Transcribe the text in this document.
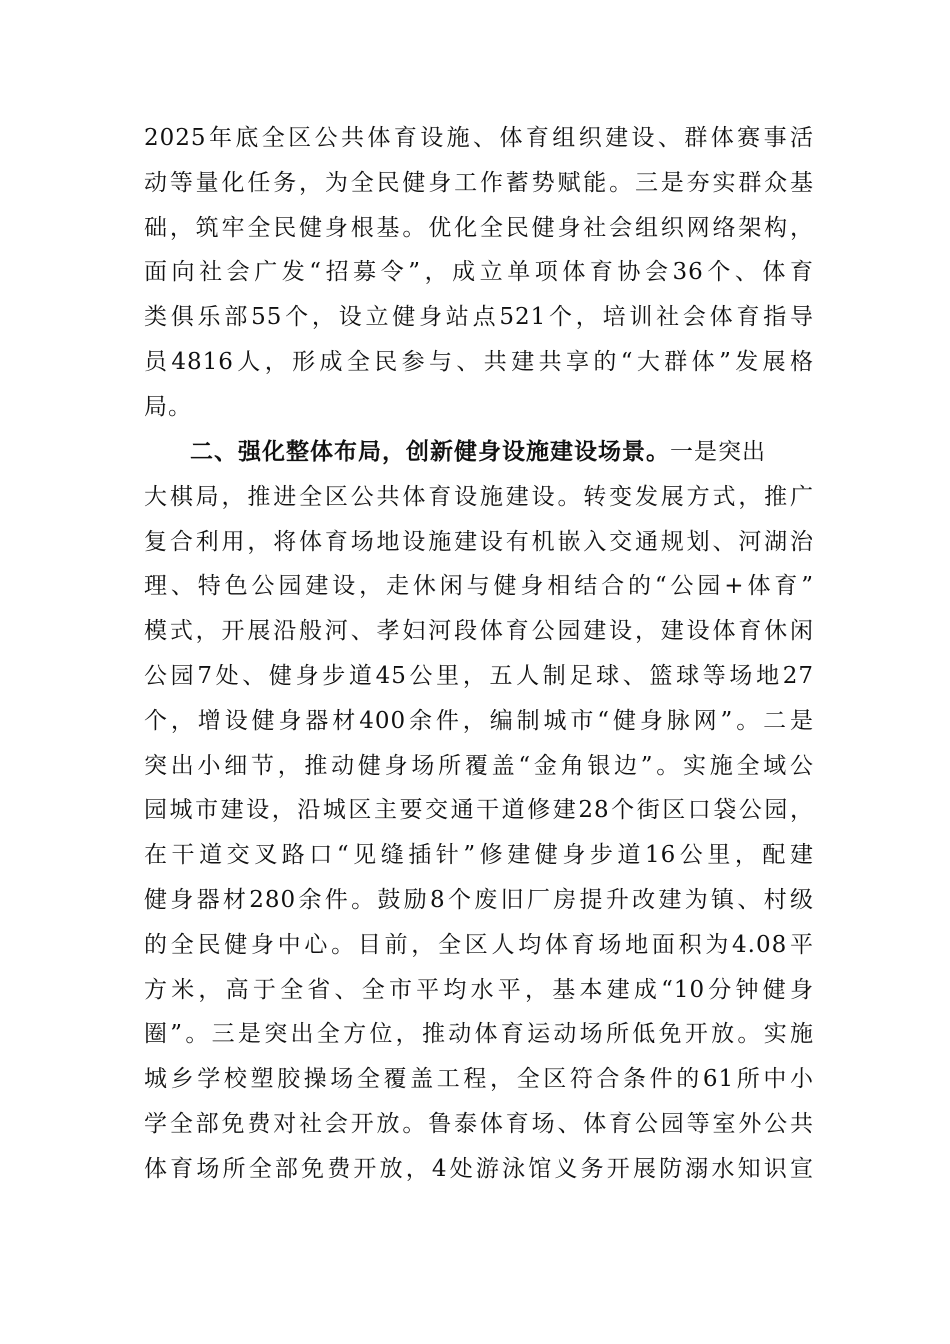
2025年底全区公共体育设施、体育组织建设、群体赛事活
动等量化任务，为全民健身工作蓄势赋能。三是夯实群众基
础，筑牢全民健身根基。优化全民健身社会组织网络架构，
面向社会广发“招募令”，成立单项体育协会36个、体育
类俱乐部55个，设立健身站点521个，培训社会体育指导
员4816人，形成全民参与、共建共享的“大群体”发展格
局。
二、强化整体布局，创新健身设施建设场景。一是突出
大棋局，推进全区公共体育设施建设。转变发展方式，推广
复合利用，将体育场地设施建设有机嵌入交通规划、河湖治
理、特色公园建设，走休闲与健身相结合的“公园+体育”
模式，开展沿般河、孝妇河段体育公园建设，建设体育休闲
公园7处、健身步道45公里，五人制足球、篮球等场地27
个，增设健身器材400余件，编制城市“健身脉网”。二是
突出小细节，推动健身场所覆盖“金角银边”。实施全域公
园城市建设，沿城区主要交通干道修建28个街区口袋公园，
在干道交叉路口“见缝插针”修建健身步道16公里，配建
健身器材280余件。鼓励8个废旧厂房提升改建为镇、村级
的全民健身中心。目前，全区人均体育场地面积为4.08平
方米，高于全省、全市平均水平，基本建成“10分钟健身
圈”。三是突出全方位，推动体育运动场所低免开放。实施
城乡学校塑胶操场全覆盖工程，全区符合条件的61所中小
学全部免费对社会开放。鲁泰体育场、体育公园等室外公共
体育场所全部免费开放，4处游泳馆义务开展防溺水知识宣
